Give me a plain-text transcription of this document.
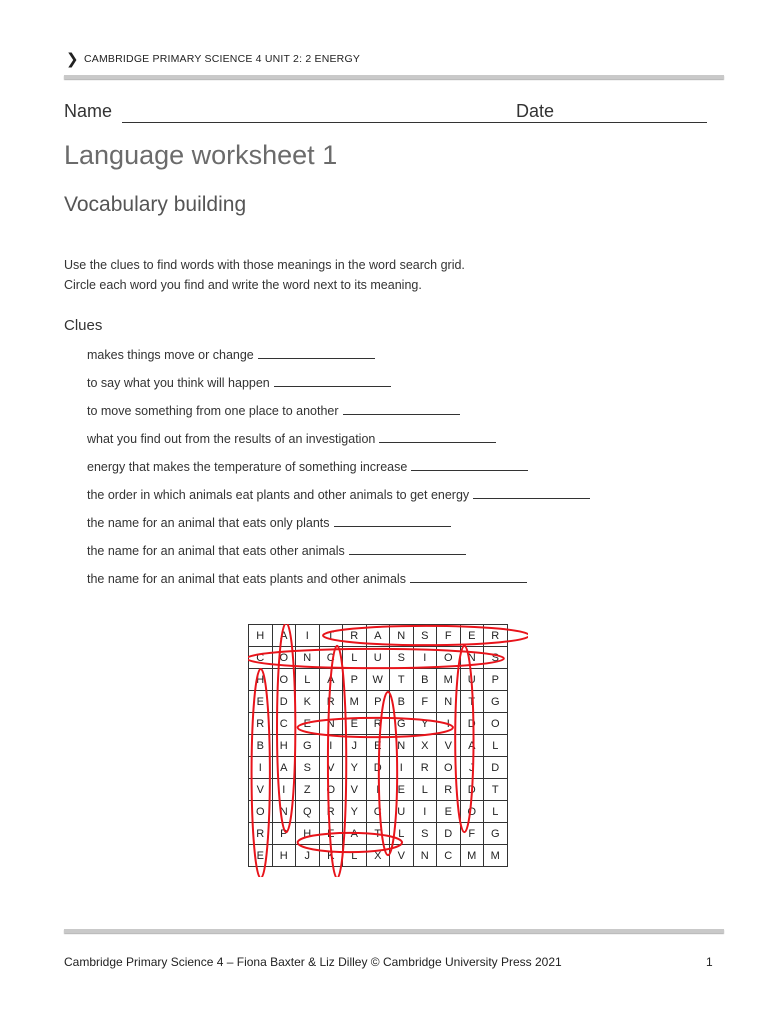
❯ CAMBRIDGE PRIMARY SCIENCE 4 UNIT 2: 2 ENERGY
Name	Date
Language worksheet 1
Vocabulary building
Use the clues to find words with those meanings in the word search grid.
Circle each word you find and write the word next to its meaning.
Clues
makes things move or change
to say what you think will happen
to move something from one place to another
what you find out from the results of an investigation
energy that makes the temperature of something increase
the order in which animals eat plants and other animals to get energy
the name for an animal that eats only plants
the name for an animal that eats other animals
the name for an animal that eats plants and other animals
H	A	I	T	R	A	N	S	F	E	R
C	O	N	C	L	U	S	I	O	N	S
H	O	L	A	P	W	T	B	M	U	P
E	D	K	R	M	P	B	F	N	T	G
R	C	E	N	E	R	G	Y	I	D	O
B	H	G	I	J	E	N	X	V	A	L
I	A	S	V	Y	D	I	R	O	J	D
V	I	Z	O	V	I	E	L	R	D	T
O	N	Q	R	Y	C	U	I	E	O	L
R	P	H	E	A	T	L	S	D	F	G
E	H	J	K	L	X	V	N	C	M	M
Cambridge Primary Science 4 – Fiona Baxter & Liz Dilley © Cambridge University Press 2021	1
